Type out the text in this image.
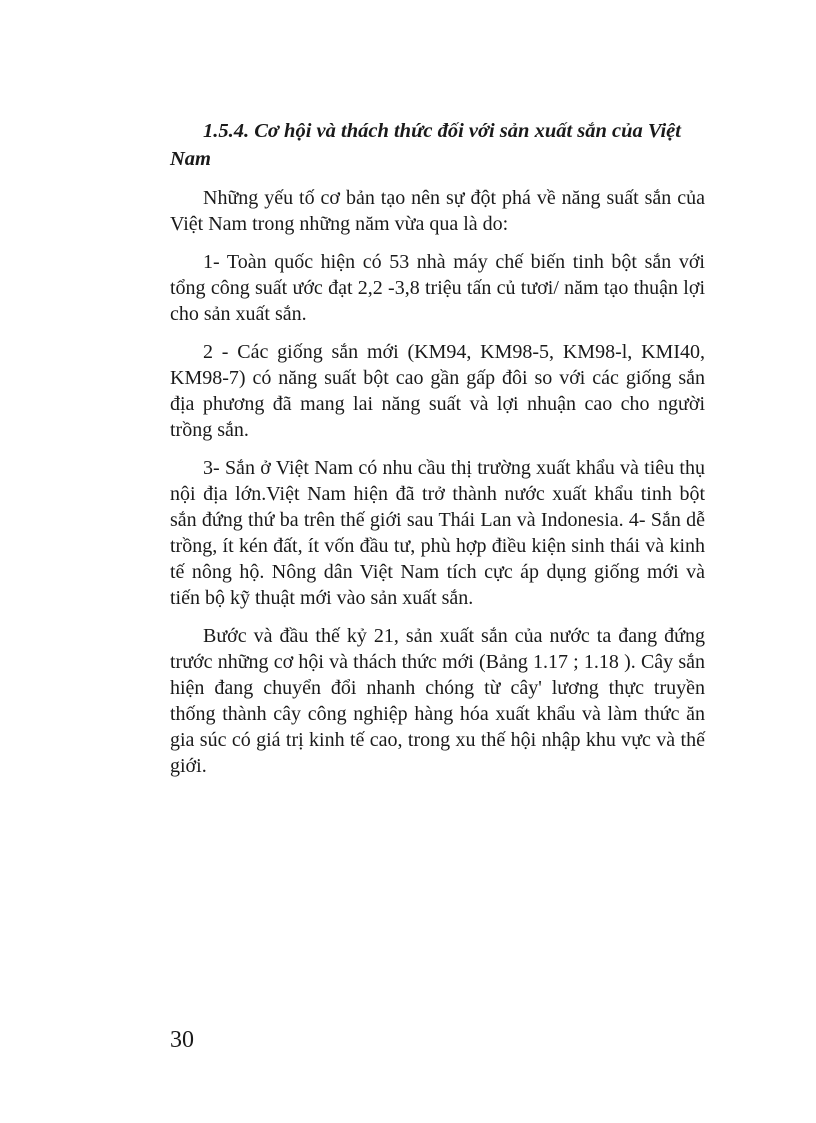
1.5.4. Cơ hội và thách thức đối với sản xuất sắn của Việt Nam

Những yếu tố cơ bản tạo nên sự đột phá về năng suất sắn của Việt Nam trong những năm vừa qua là do:

1- Toàn quốc hiện có 53 nhà máy chế biến tinh bột sắn với tổng công suất ước đạt 2,2 -3,8 triệu tấn củ tươi/ năm tạo thuận lợi cho sản xuất sắn.

2 - Các giống sắn mới (KM94, KM98-5, KM98-l, KMI40, KM98-7) có năng suất bột cao gần gấp đôi so với các giống sắn địa phương đã mang lai năng suất và lợi nhuận cao cho người trồng sắn.

3- Sắn ở Việt Nam có nhu cầu thị trường xuất khẩu và tiêu thụ nội địa lớn.Việt Nam hiện đã trở thành nước xuất khẩu tinh bột sắn đứng thứ ba trên thế giới sau Thái Lan và Indonesia. 4- Sắn dễ trồng, ít kén đất, ít vốn đầu tư, phù hợp điều kiện sinh thái và kinh tế nông hộ. Nông dân Việt Nam tích cực áp dụng giống mới và tiến bộ kỹ thuật mới vào sản xuất sắn.

Bước và đầu thế kỷ 21, sản xuất sắn của nước ta đang đứng trước những cơ hội và thách thức mới (Bảng 1.17 ; 1.18 ). Cây sắn hiện đang chuyển đổi nhanh chóng từ cây' lương thực truyền thống thành cây công nghiệp hàng hóa xuất khẩu và làm thức ăn gia súc có giá trị kinh tế cao, trong xu thế hội nhập khu vực và thế giới.

30
